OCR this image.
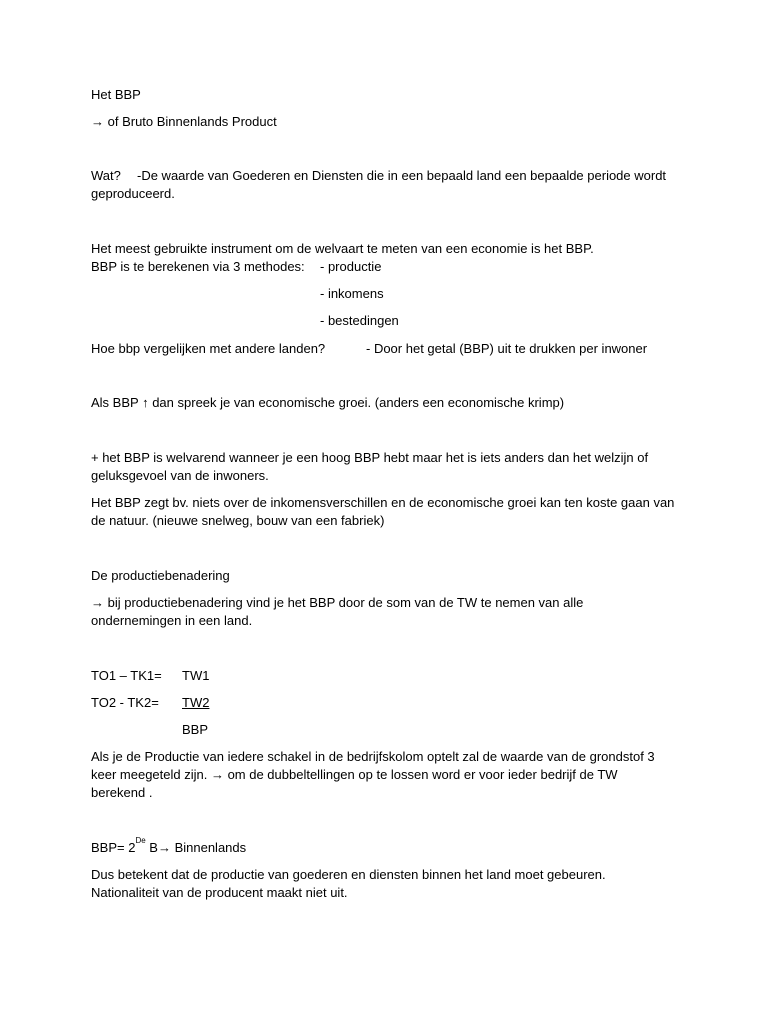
Het BBP
→ of Bruto Binnenlands Product
Wat? -De waarde van Goederen en Diensten die in een bepaald land een bepaalde periode wordt
geproduceerd.
Het meest gebruikte instrument om de welvaart te meten van een economie is het BBP.
BBP is te berekenen via 3 methodes: - productie
- inkomens
- bestedingen
Hoe bbp vergelijken met andere landen?	- Door het getal (BBP) uit te drukken per inwoner
Als BBP ↑ dan spreek je van economische groei. (anders een economische krimp)
+ het BBP is welvarend wanneer je een hoog BBP hebt maar het is iets anders dan het welzijn of
geluksgevoel van de inwoners.
Het BBP zegt bv. niets over de inkomensverschillen en de economische groei kan ten koste gaan van
de natuur. (nieuwe snelweg, bouw van een fabriek)
De productiebenadering
→ bij productiebenadering vind je het BBP door de som van de TW te nemen van alle
ondernemingen in een land.
TO1 – TK1= TW1
TO2 - TK2= TW2
BBP
Als je de Productie van iedere schakel in de bedrijfskolom optelt zal de waarde van de grondstof 3
keer meegeteld zijn. → om de dubbeltellingen op te lossen word er voor ieder bedrijf de TW
berekend .
BBP= 2De B→ Binnenlands
Dus betekent dat de productie van goederen en diensten binnen het land moet gebeuren.
Nationaliteit van de producent maakt niet uit.
